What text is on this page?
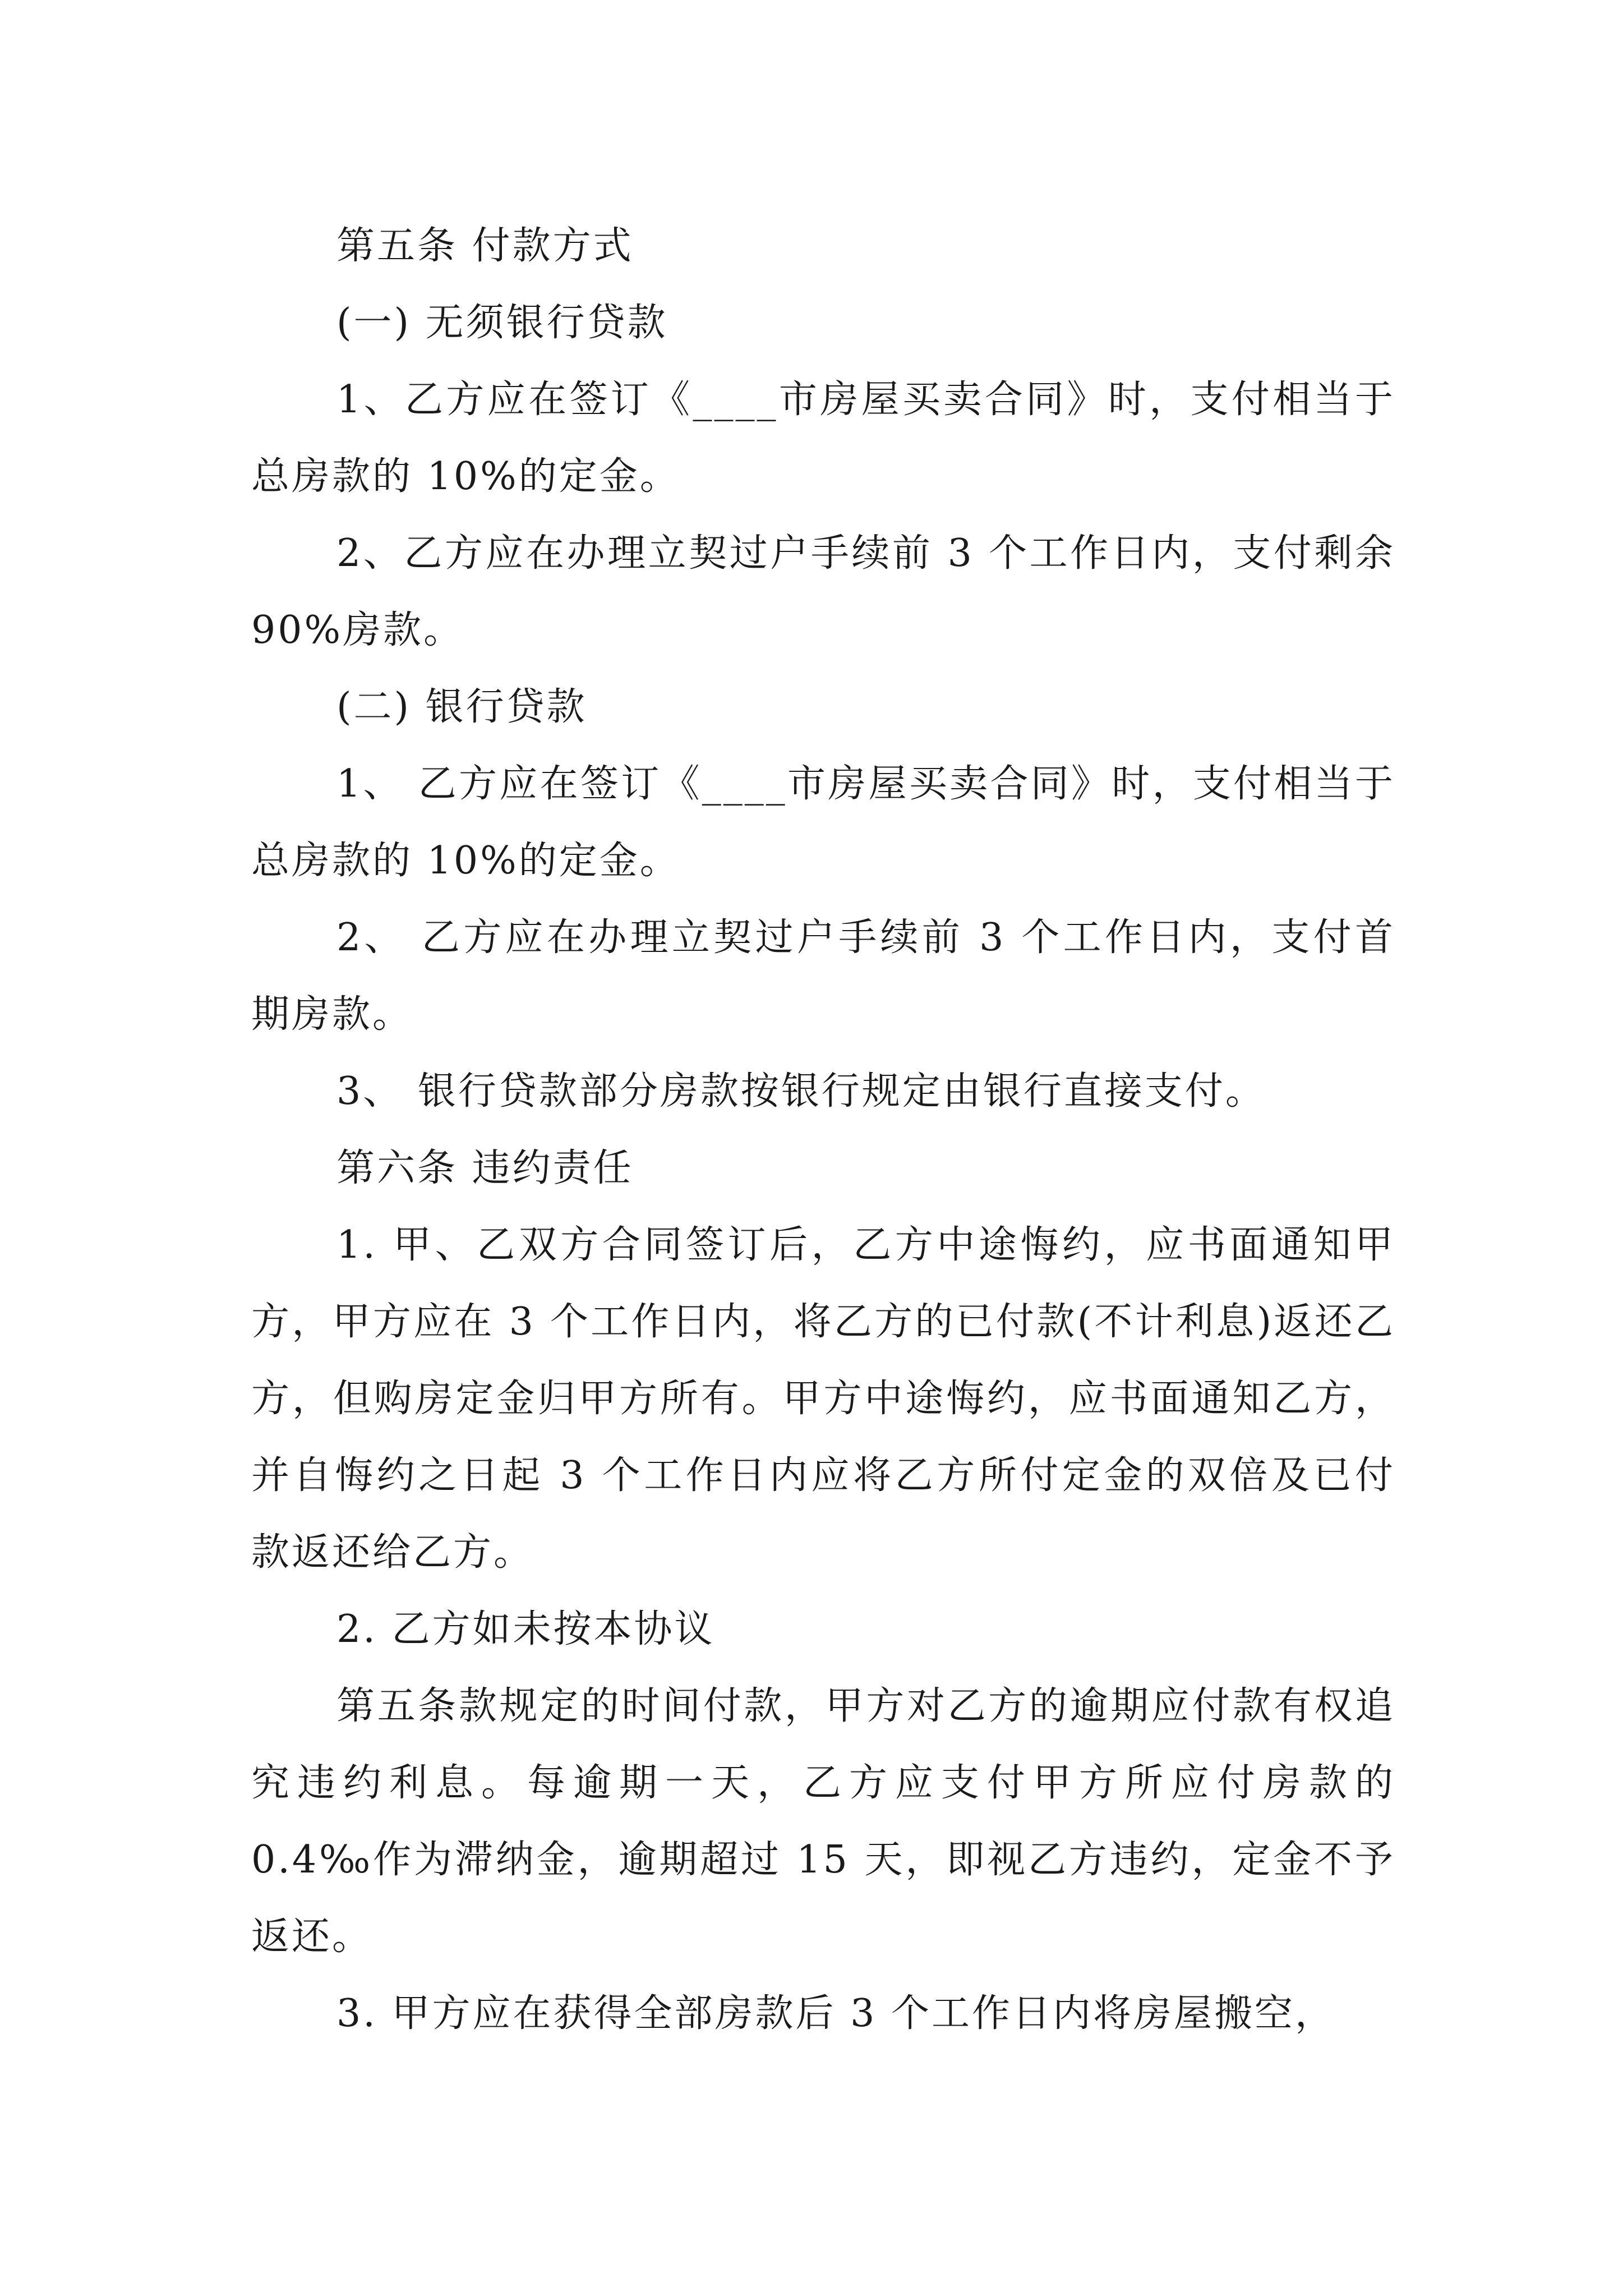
第五条 付款方式

(一) 无须银行贷款

1、乙方应在签订《____市房屋买卖合同》时，支付相当于总房款的 10%的定金。

2、乙方应在办理立契过户手续前 3 个工作日内，支付剩余 90%房款。

(二) 银行贷款

1、 乙方应在签订《____市房屋买卖合同》时，支付相当于总房款的 10%的定金。

2、 乙方应在办理立契过户手续前 3 个工作日内，支付首期房款。

3、 银行贷款部分房款按银行规定由银行直接支付。

第六条 违约责任

1. 甲、乙双方合同签订后，乙方中途悔约，应书面通知甲方，甲方应在 3 个工作日内，将乙方的已付款(不计利息)返还乙方，但购房定金归甲方所有。甲方中途悔约，应书面通知乙方，并自悔约之日起 3 个工作日内应将乙方所付定金的双倍及已付款返还给乙方。

2. 乙方如未按本协议

第五条款规定的时间付款，甲方对乙方的逾期应付款有权追究违约利息。每逾期一天，乙方应支付甲方所应付房款的 0.4‰作为滞纳金，逾期超过 15 天，即视乙方违约，定金不予返还。

3. 甲方应在获得全部房款后 3 个工作日内将房屋搬空，
